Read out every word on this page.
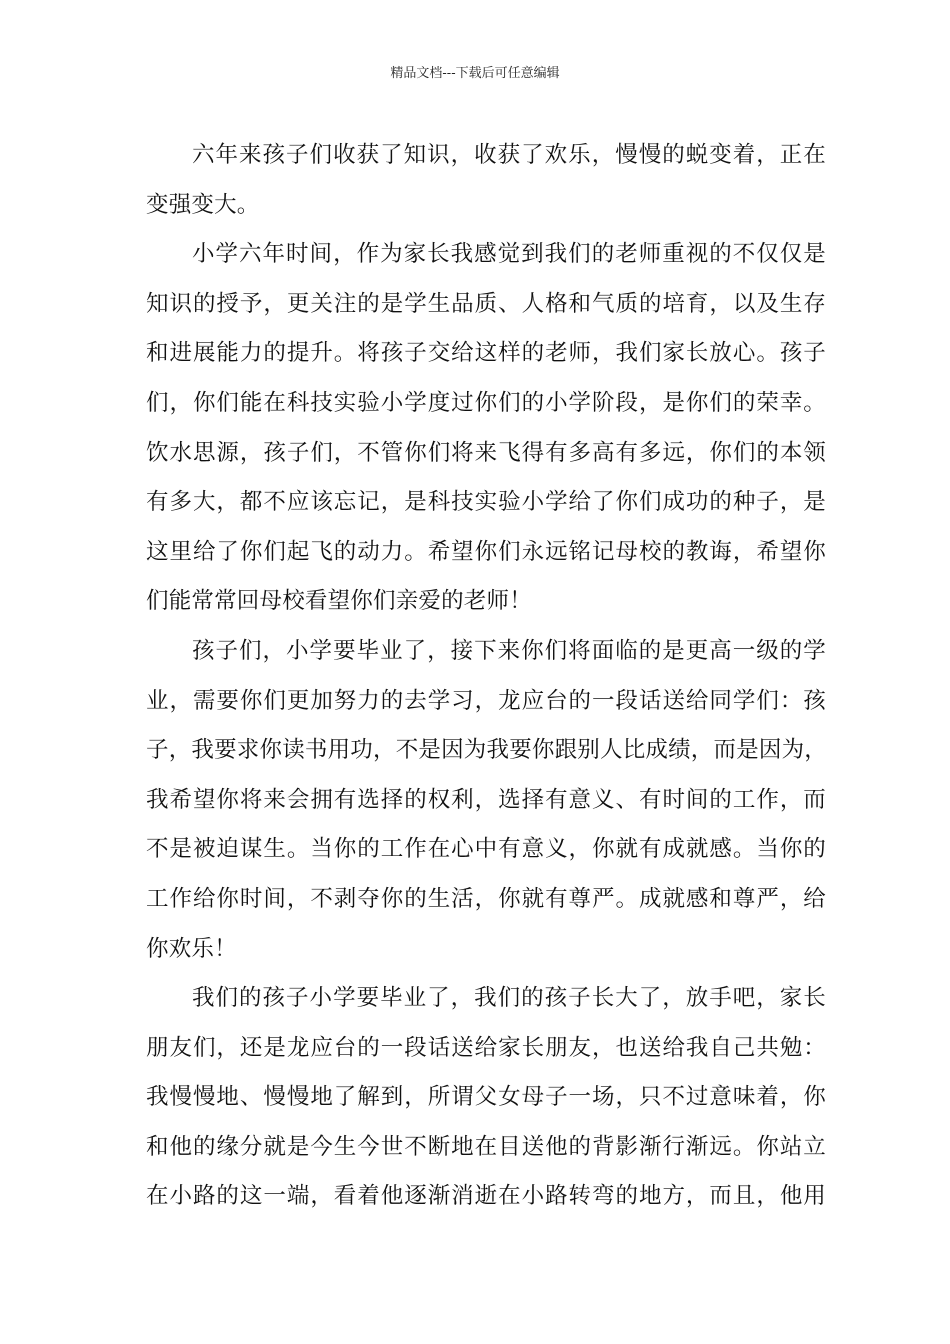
精品文档---下载后可任意编辑
六年来孩子们收获了知识，收获了欢乐，慢慢的蜕变着，正在
变强变大。
小学六年时间，作为家长我感觉到我们的老师重视的不仅仅是
知识的授予，更关注的是学生品质、人格和气质的培育，以及生存
和进展能力的提升。将孩子交给这样的老师，我们家长放心。孩子
们，你们能在科技实验小学度过你们的小学阶段，是你们的荣幸。
饮水思源，孩子们，不管你们将来飞得有多高有多远，你们的本领
有多大，都不应该忘记，是科技实验小学给了你们成功的种子，是
这里给了你们起飞的动力。希望你们永远铭记母校的教诲，希望你
们能常常回母校看望你们亲爱的老师！
孩子们，小学要毕业了，接下来你们将面临的是更高一级的学
业，需要你们更加努力的去学习，龙应台的一段话送给同学们：孩
子，我要求你读书用功，不是因为我要你跟别人比成绩，而是因为，
我希望你将来会拥有选择的权利，选择有意义、有时间的工作，而
不是被迫谋生。当你的工作在心中有意义，你就有成就感。当你的
工作给你时间，不剥夺你的生活，你就有尊严。成就感和尊严，给
你欢乐！
我们的孩子小学要毕业了，我们的孩子长大了，放手吧，家长
朋友们，还是龙应台的一段话送给家长朋友，也送给我自己共勉：
我慢慢地、慢慢地了解到，所谓父女母子一场，只不过意味着，你
和他的缘分就是今生今世不断地在目送他的背影渐行渐远。你站立
在小路的这一端，看着他逐渐消逝在小路转弯的地方，而且，他用
